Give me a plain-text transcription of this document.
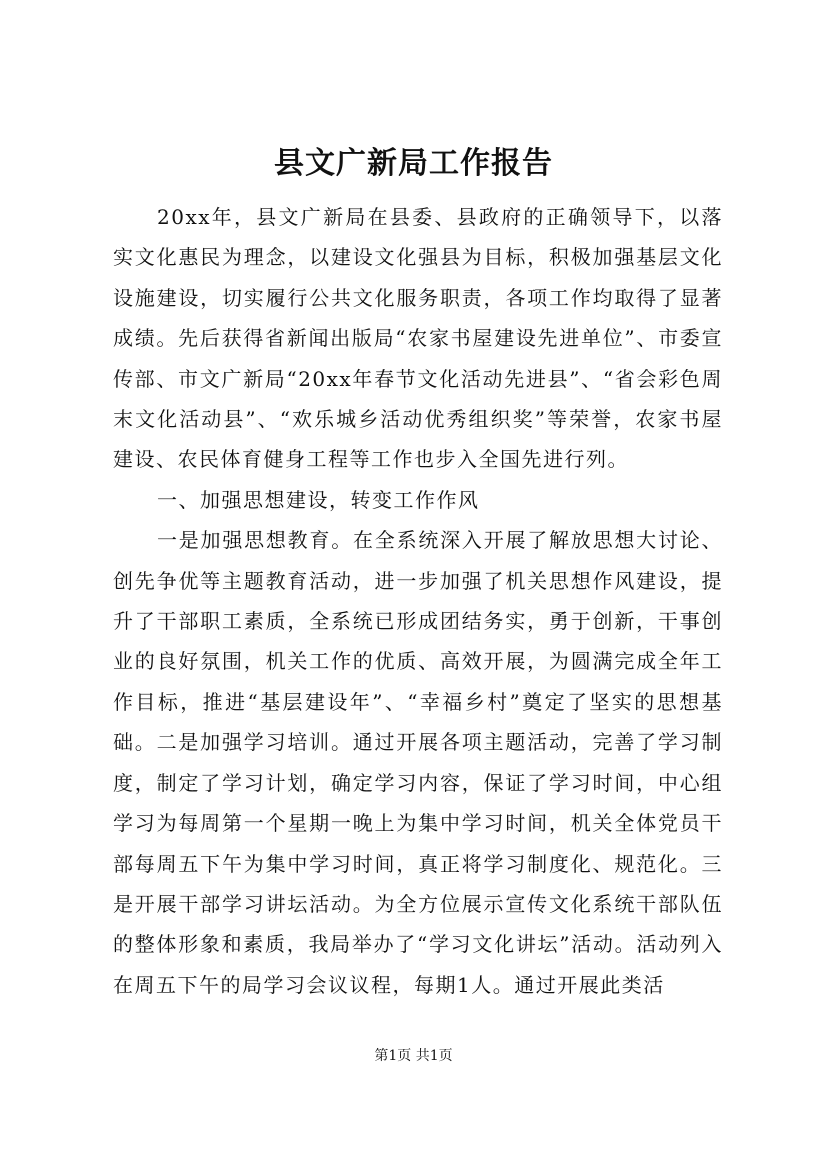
县文广新局工作报告

20xx年，县文广新局在县委、县政府的正确领导下，以落实文化惠民为理念，以建设文化强县为目标，积极加强基层文化设施建设，切实履行公共文化服务职责，各项工作均取得了显著成绩。先后获得省新闻出版局“农家书屋建设先进单位”、市委宣传部、市文广新局“20xx年春节文化活动先进县”、“省会彩色周末文化活动县”、“欢乐城乡活动优秀组织奖”等荣誉，农家书屋建设、农民体育健身工程等工作也步入全国先进行列。

一、加强思想建设，转变工作作风

一是加强思想教育。在全系统深入开展了解放思想大讨论、创先争优等主题教育活动，进一步加强了机关思想作风建设，提升了干部职工素质，全系统已形成团结务实，勇于创新，干事创业的良好氛围，机关工作的优质、高效开展，为圆满完成全年工作目标，推进“基层建设年”、“幸福乡村”奠定了坚实的思想基础。二是加强学习培训。通过开展各项主题活动，完善了学习制度，制定了学习计划，确定学习内容，保证了学习时间，中心组学习为每周第一个星期一晚上为集中学习时间，机关全体党员干部每周五下午为集中学习时间，真正将学习制度化、规范化。三是开展干部学习讲坛活动。为全方位展示宣传文化系统干部队伍的整体形象和素质，我局举办了“学习文化讲坛”活动。活动列入在周五下午的局学习会议议程，每期1人。通过开展此类活

第1页 共1页
